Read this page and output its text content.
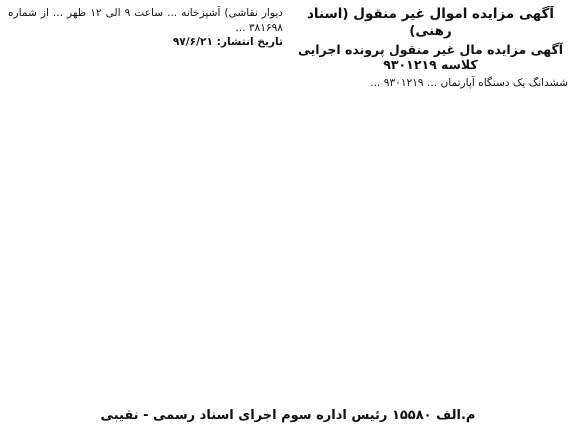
آگهی مزایده اموال غیر منقول (اسناد رهنی)
آگهی مزایده مال غیر منقول پرونده اجرایی کلاسه ۹۳۰۱۲۱۹

ششدانگ یک دستگاه آپارتمان ... ۹۳۰۱۲۱۹ ...

دیوار نقاشی) آشپزخانه ... ساعت ۹ الی ۱۲ ظهر ... از شماره ۳۸۱۶۹۸ ...

تاریخ انتشار: ۹۷/۶/۲۱
م.الف ۱۵۵۸۰ رئیس اداره سوم اجرای اسناد رسمی - نقیبی
